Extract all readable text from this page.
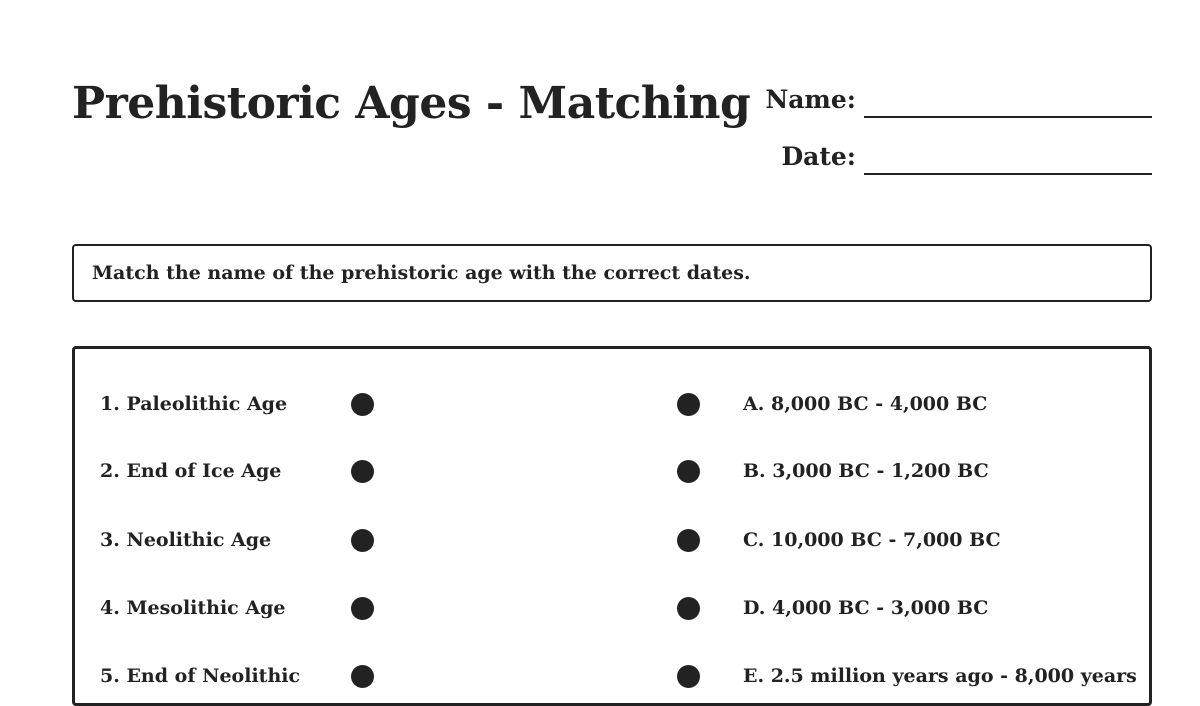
Prehistoric Ages - Matching Name:
Date:
Match the name of the prehistoric age with the correct dates.
1. Paleolithic Age	A. 8,000 BC - 4,000 BC
2. End of Ice Age	B. 3,000 BC - 1,200 BC
3. Neolithic Age	C. 10,000 BC - 7,000 BC
4. Mesolithic Age	D. 4,000 BC - 3,000 BC
5. End of Neolithic	E. 2.5 million years ago - 8,000 years
